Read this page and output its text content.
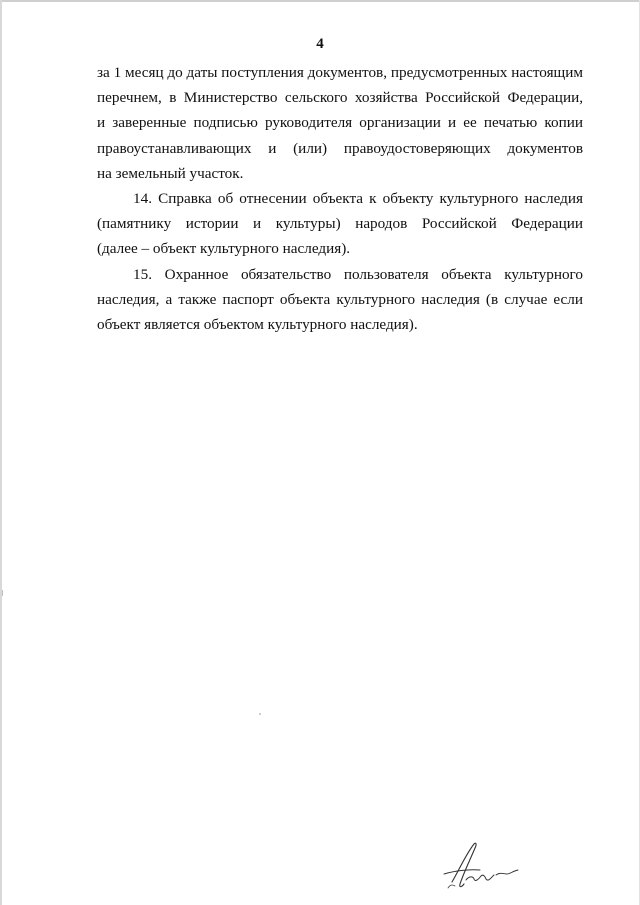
4
за 1 месяц до даты поступления документов, предусмотренных настоящим
перечнем, в Министерство сельского хозяйства Российской Федерации,
и заверенные подписью руководителя организации и ее печатью копии
правоустанавливающих и (или) правоудостоверяющих документов
на земельный участок.
14. Справка об отнесении объекта к объекту культурного наследия
(памятнику истории и культуры) народов Российской Федерации
(далее – объект культурного наследия).
15. Охранное обязательство пользователя объекта культурного
наследия, а также паспорт объекта культурного наследия (в случае если
объект является объектом культурного наследия).
